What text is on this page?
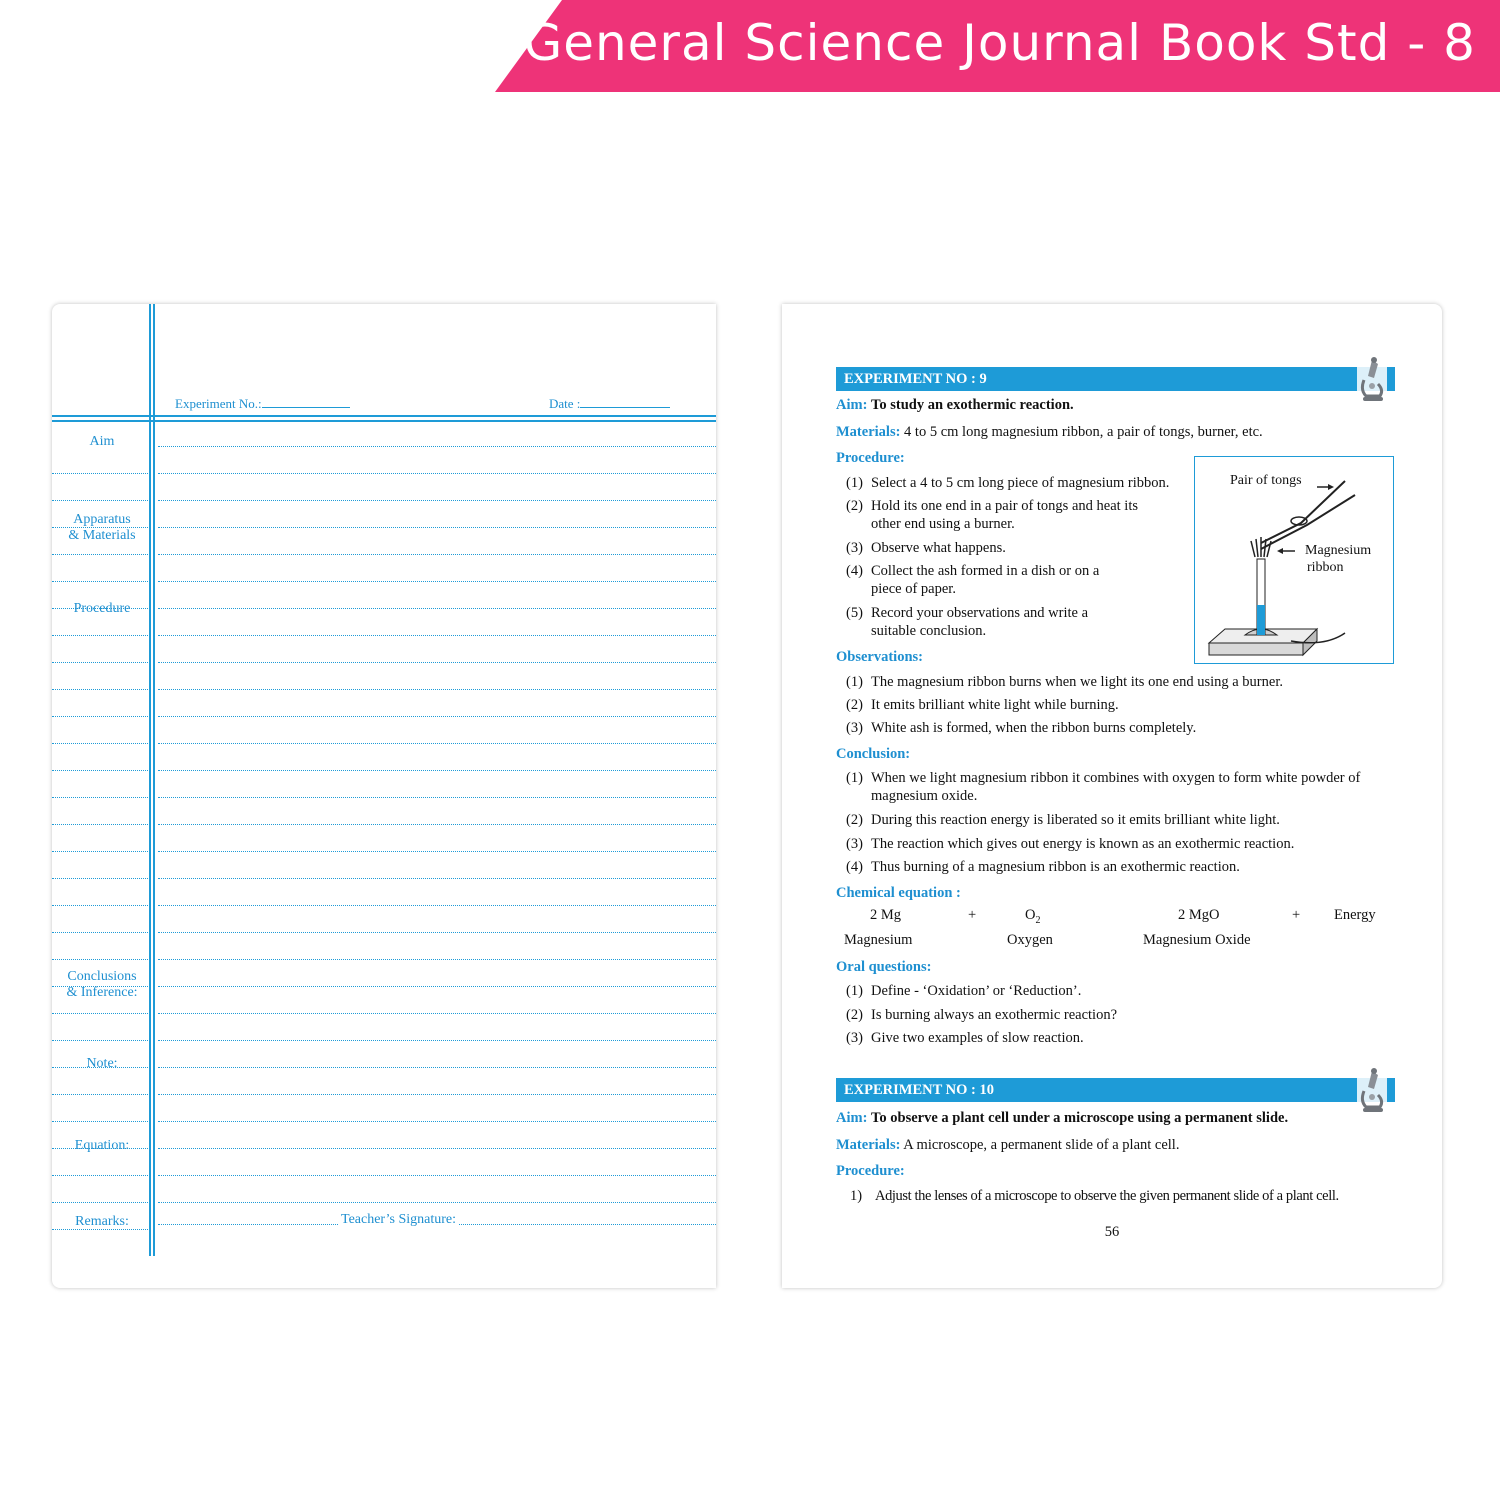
General Science Journal Book Std - 8
Experiment No.:	Date :
Aim
Apparatus
& Materials
Procedure
Conclusions
& Inference:
Note:
Equation:
Remarks:	Teacher’s Signature:
EXPERIMENT NO : 9
Aim: To study an exothermic reaction.
Materials: 4 to 5 cm long magnesium ribbon, a pair of tongs, burner, etc.
Procedure:
(1) Select a 4 to 5 cm long piece of magnesium ribbon.
(2) Hold its one end in a pair of tongs and heat its
other end using a burner.
(3) Observe what happens.
(4) Collect the ash formed in a dish or on a
piece of paper.
(5) Record your observations and write a
suitable conclusion.
Pair of tongs
Magnesium
ribbon
Observations:
(1) The magnesium ribbon burns when we light its one end using a burner.
(2) It emits brilliant white light while burning.
(3) White ash is formed, when the ribbon burns completely.
Conclusion:
(1) When we light magnesium ribbon it combines with oxygen to form white powder of
magnesium oxide.
(2) During this reaction energy is liberated so it emits brilliant white light.
(3) The reaction which gives out energy is known as an exothermic reaction.
(4) Thus burning of a magnesium ribbon is an exothermic reaction.
Chemical equation :
2 Mg	+	$O_2$	2 MgO	+ Energy
Magnesium	Oxygen	Magnesium Oxide
Oral questions:
(1) Define - ‘Oxidation’ or ‘Reduction’.
(2) Is burning always an exothermic reaction?
(3) Give two examples of slow reaction.
EXPERIMENT NO : 10
Aim: To observe a plant cell under a microscope using a permanent slide.
Materials: A microscope, a permanent slide of a plant cell.
Procedure:
1) Adjust the lenses of a microscope to observe the given permanent slide of a plant cell.
56
